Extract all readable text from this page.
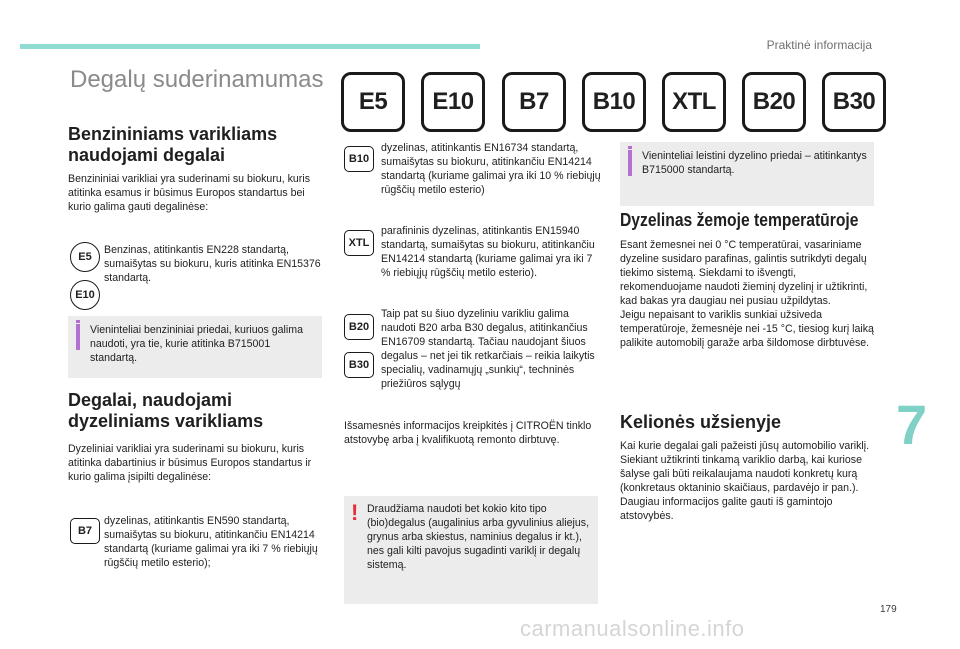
Praktinė informacija
Degalų suderinamumas
E5	E10	B7	B10	XTL	B20	B30
Benzininiams varikliams naudojami degalai
Benzininiai varikliai yra suderinami su biokuru, kuris atitinka esamus ir būsimus Europos standartus bei kurio galima gauti degalinėse:
E5
E10
Benzinas, atitinkantis EN228 standartą, sumaišytas su biokuru, kuris atitinka EN15376 standartą.
Vieninteliai benzininiai priedai, kuriuos galima naudoti, yra tie, kurie atitinka B715001 standartą.
Degalai, naudojami dyzeliniams varikliams
Dyzeliniai varikliai yra suderinami su biokuru, kuris atitinka dabartinius ir būsimus Europos standartus ir kurio galima įsipilti degalinėse:
B7
dyzelinas, atitinkantis EN590 standartą, sumaišytas su biokuru, atitinkančiu EN14214 standartą (kuriame galimai yra iki 7 % riebiųjų rūgščių metilo esterio);
B10
dyzelinas, atitinkantis EN16734 standartą, sumaišytas su biokuru, atitinkančiu EN14214 standartą (kuriame galimai yra iki 10 % riebiųjų rūgščių metilo esterio)
XTL
parafininis dyzelinas, atitinkantis EN15940 standartą, sumaišytas su biokuru, atitinkančiu EN14214 standartą (kuriame galimai yra iki 7 % riebiųjų rūgščių metilo esterio).
B20
B30
Taip pat su šiuo dyzeliniu varikliu galima naudoti B20 arba B30 degalus, atitinkančius EN16709 standartą. Tačiau naudojant šiuos degalus – net jei tik retkarčiais – reikia laikytis specialių, vadinamųjų „sunkių“, techninės priežiūros sąlygų
Išsamesnės informacijos kreipkitės į CITROËN tinklo atstovybę arba į kvalifikuotą remonto dirbtuvę.
! Draudžiama naudoti bet kokio kito tipo (bio)degalus (augalinius arba gyvulinius aliejus, grynus arba skiestus, naminius degalus ir kt.), nes gali kilti pavojus sugadinti variklį ir degalų sistemą.
Vieninteliai leistini dyzelino priedai – atitinkantys B715000 standartą.
Dyzelinas žemoje temperatūroje
Esant žemesnei nei 0 °C temperatūrai, vasariniame dyzeline susidaro parafinas, galintis sutrikdyti degalų tiekimo sistemą. Siekdami to išvengti, rekomenduojame naudoti žieminį dyzelinį ir užtikrinti, kad bakas yra daugiau nei pusiau užpildytas.
Jeigu nepaisant to variklis sunkiai užsiveda temperatūroje, žemesnėje nei -15 °C, tiesiog kurį laiką palikite automobilį garaže arba šildomose dirbtuvėse.
Kelionės užsienyje
Kai kurie degalai gali pažeisti jūsų automobilio variklį.
Siekiant užtikrinti tinkamą variklio darbą, kai kuriose šalyse gali būti reikalaujama naudoti konkretų kurą (konkretaus oktaninio skaičiaus, pardavėjo ir pan.).
Daugiau informacijos galite gauti iš gamintojo atstovybės.
7
179
carmanualsonline.info
